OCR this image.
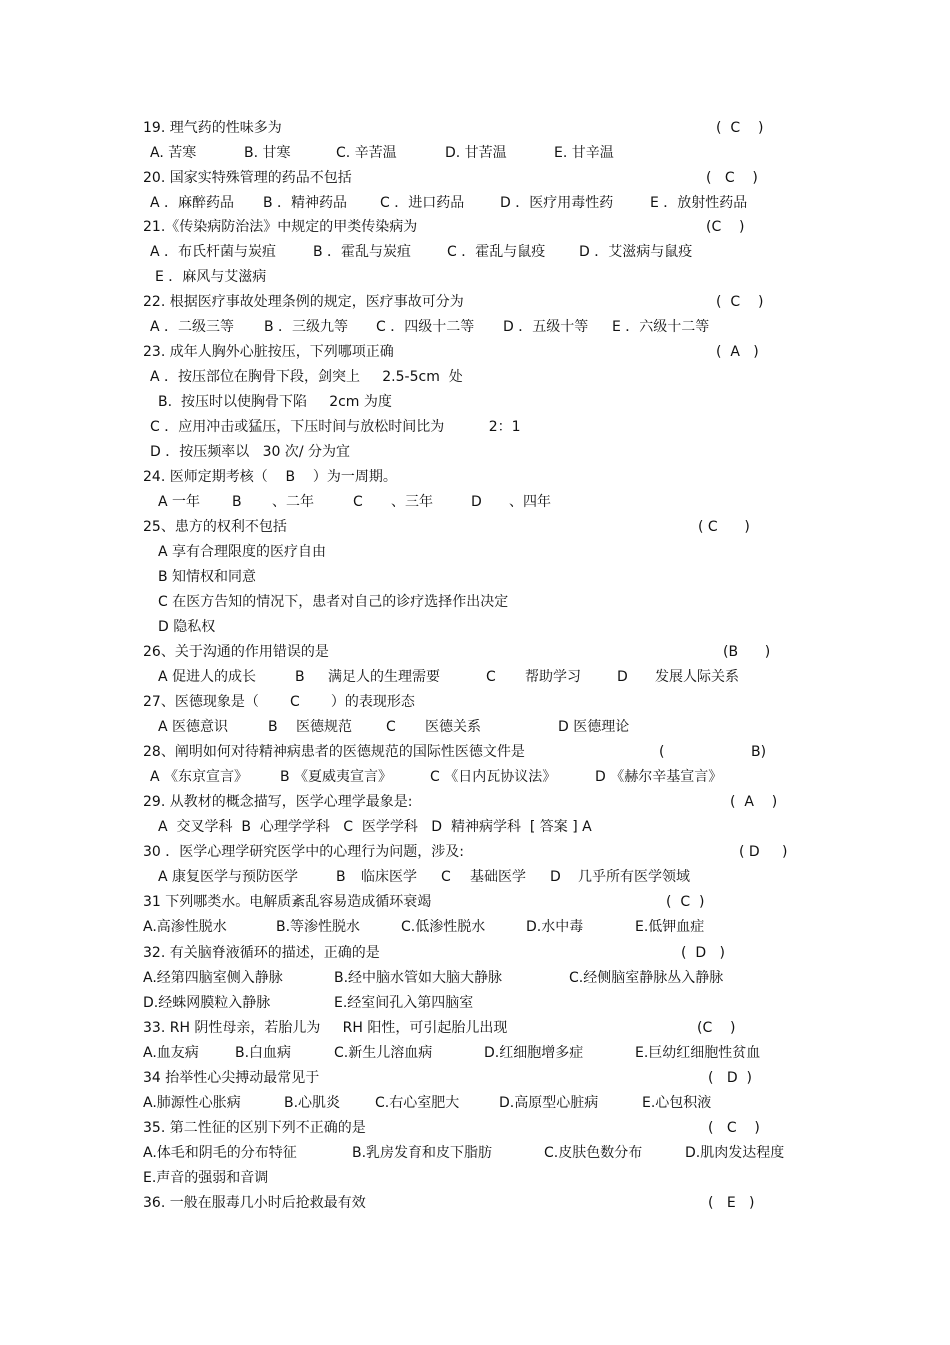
19. 理气药的性味多为	(  C    )
A. 苦寒	B. 甘寒	C. 辛苦温	D. 甘苦温	E. 甘辛温
20. 国家实特殊管理的药品不包括	(   C    )
A ．麻醉药品 B ．精神药品 C ．进口药品	D ．医疗用毒性药	E ．放射性药品
21.《传染病防治法》中规定的甲类传染病为	(C    )
A ．布氏杆菌与炭疽	B ．霍乱与炭疽	C ．霍乱与鼠疫 D ．艾滋病与鼠疫
E ．麻风与艾滋病
22. 根据医疗事故处理条例的规定，医疗事故可分为	(  C    )
A ．二级三等 B ．三级九等 C ．四级十二等 D ．五级十等 E ．六级十二等
23. 成年人胸外心脏按压，下列哪项正确	(  A   )
A ．按压部位在胸骨下段，剑突上     2.5-5cm  处
B.  按压时以使胸骨下陷     2cm 为度
C ．应用冲击或猛压，下压时间与放松时间比为          2：1
D ．按压频率以   30 次/ 分为宜
24. 医师定期考核（    B    ）为一周期。
A 一年 B 、二年	C 、三年	D 、四年
25、患方的权利不包括	( C      )
A 享有合理限度的医疗自由
B 知情权和同意
C 在医方告知的情况下，患者对自己的诊疗选择作出决定
D 隐私权
26、关于沟通的作用错误的是	(B      )
A 促进人的成长	B 满足人的生理需要	C 帮助学习	D 发展人际关系
27、医德现象是（       C       ）的表现形态
A 医德意识	B 医德规范 C 医德关系	D 医德理论
28、阐明如何对待精神病患者的医德规范的国际性医德文件是	(	B)
A 《东京宣言》 B 《夏威夷宣言》	C 《日内瓦协议法》	D 《赫尔辛基宣言》
29. 从教材的概念描写，医学心理学最象是:	(  A    )
A  交叉学科  B  心理学学科   C  医学学科   D  精神病学科  [ 答案 ] A
30 ．医学心理学研究医学中的心理行为问题，涉及:	( D     )
A 康复医学与预防医学	B 临床医学 C 基础医学 D 几乎所有医学领域
31 下列哪类水。电解质紊乱容易造成循环衰竭	(  C  )
A.高渗性脱水	B.等渗性脱水	C.低渗性脱水	D.水中毒	E.低钾血症
32. 有关脑脊液循环的描述，正确的是	(  D   )
A.经第四脑室侧入静脉	B.经中脑水管如大脑大静脉	C.经侧脑室静脉丛入静脉
D.经蛛网膜粒入静脉	E.经室间孔入第四脑室
33. RH 阴性母亲，若胎儿为     RH 阳性，可引起胎儿出现	(C    )
A.血友病	B.白血病	C.新生儿溶血病	D.红细胞增多症	E.巨幼红细胞性贫血
34 抬举性心尖搏动最常见于	(   D  )
A.肺源性心胀病	B.心肌炎 C.右心室肥大	D.高原型心脏病	E.心包积液
35. 第二性征的区别下列不正确的是	(   C    )
A.体毛和阴毛的分布特征	B.乳房发育和皮下脂肪	C.皮肤色数分布	D.肌肉发达程度
E.声音的强弱和音调
36. 一般在服毒几小时后抢救最有效	(   E   )
